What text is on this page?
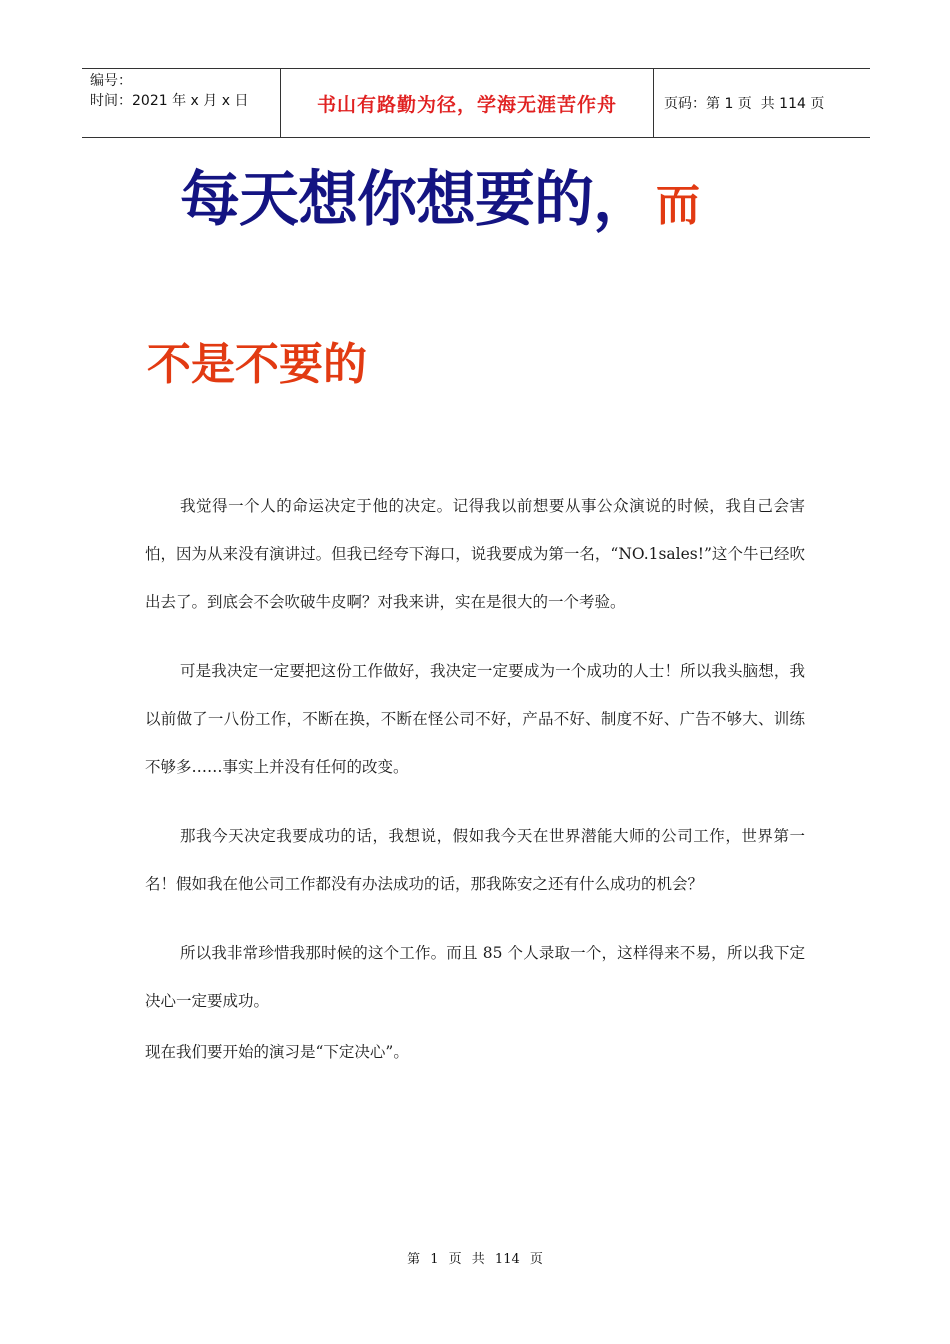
编号：
时间：2021 年 x 月 x 日	书山有路勤为径，学海无涯苦作舟	页码：第 1 页  共 114 页
每天想你想要的，而
不是不要的

我觉得一个人的命运决定于他的决定。记得我以前想要从事公众演说的时候，我自己会害怕，因为从来没有演讲过。但我已经夸下海口，说我要成为第一名，“NO.1sales!”这个牛已经吹出去了。到底会不会吹破牛皮啊？对我来讲，实在是很大的一个考验。

可是我决定一定要把这份工作做好，我决定一定要成为一个成功的人士！所以我头脑想，我以前做了一八份工作，不断在换，不断在怪公司不好，产品不好、制度不好、广告不够大、训练不够多……事实上并没有任何的改变。

那我今天决定我要成功的话，我想说，假如我今天在世界潜能大师的公司工作，世界第一名！假如我在他公司工作都没有办法成功的话，那我陈安之还有什么成功的机会？

所以我非常珍惜我那时候的这个工作。而且 85 个人录取一个，这样得来不易，所以我下定决心一定要成功。

现在我们要开始的演习是“下定决心”。

第 1 页 共 114 页
